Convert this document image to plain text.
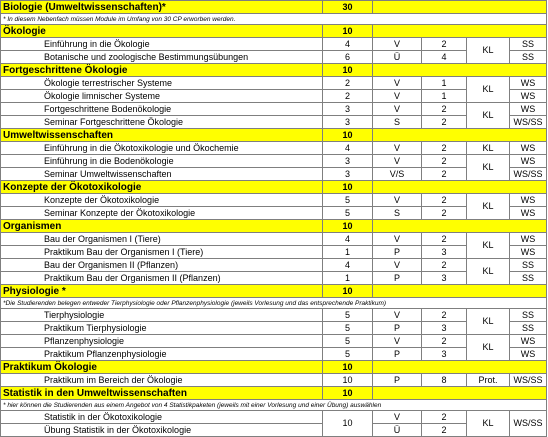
Biologie (Umweltwissenschaften)*	30				
* In diesem Nebenfach müssen Module im Umfang von 30 CP erworben werden.					
Ökologie	10				
Einführung in die Ökologie	4	V	2	KL	SS
Botanische und zoologische Bestimmungsübungen	6	Ü	4		SS
Fortgeschrittene Ökologie	10				
Ökologie terrestrischer Systeme	2	V	1	KL	WS
Ökologie limnischer Systeme	2	V	1		WS
Fortgeschrittene Bodenökologie	3	V	2	KL	WS
Seminar Fortgeschrittene Ökologie	3	S	2		WS/SS
Umweltwissenschaften	10				
Einführung in die Ökotoxikologie und Ökochemie	4	V	2	KL	WS
Einführung in die Bodenökologie	3	V	2	KL	WS
Seminar Umweltwissenschaften	3	V/S	2		WS/SS
Konzepte der Ökotoxikologie	10				
Konzepte der Ökotoxikologie	5	V	2	KL	WS
Seminar Konzepte der Ökotoxikologie	5	S	2		WS
Organismen	10				
Bau der Organismen I (Tiere)	4	V	2	KL	WS
Praktikum Bau der Organismen I (Tiere)	1	P	3		WS
Bau der Organismen II (Pflanzen)	4	V	2	KL	SS
Praktikum Bau der Organismen II (Pflanzen)	1	P	3		SS
Physiologie *	10				
*Die Studierenden belegen entweder Tierphysiologie oder Pflanzenphysiologie (jeweils Vorlesung und das entsprechende Praktikum)					
Tierphysiologie	5	V	2	KL	SS
Praktikum Tierphysiologie	5	P	3		SS
Pflanzenphysiologie	5	V	2	KL	WS
Praktikum Pflanzenphysiologie	5	P	3		WS
Praktikum Ökologie	10				
Praktikum im Bereich der Ökologie	10	P	8	Prot.	WS/SS
Statistik in den Umweltwissenschaften	10				
* hier können die Studierenden aus einem Angebot von 4 Statistikpaketen (jeweils mit einer Vorlesung und einer Übung) auswählen					
Statistik in der Ökotoxikologie	10	V	2	KL	WS/SS
Übung Statistik in der Ökotoxikologie		Ü	2		
